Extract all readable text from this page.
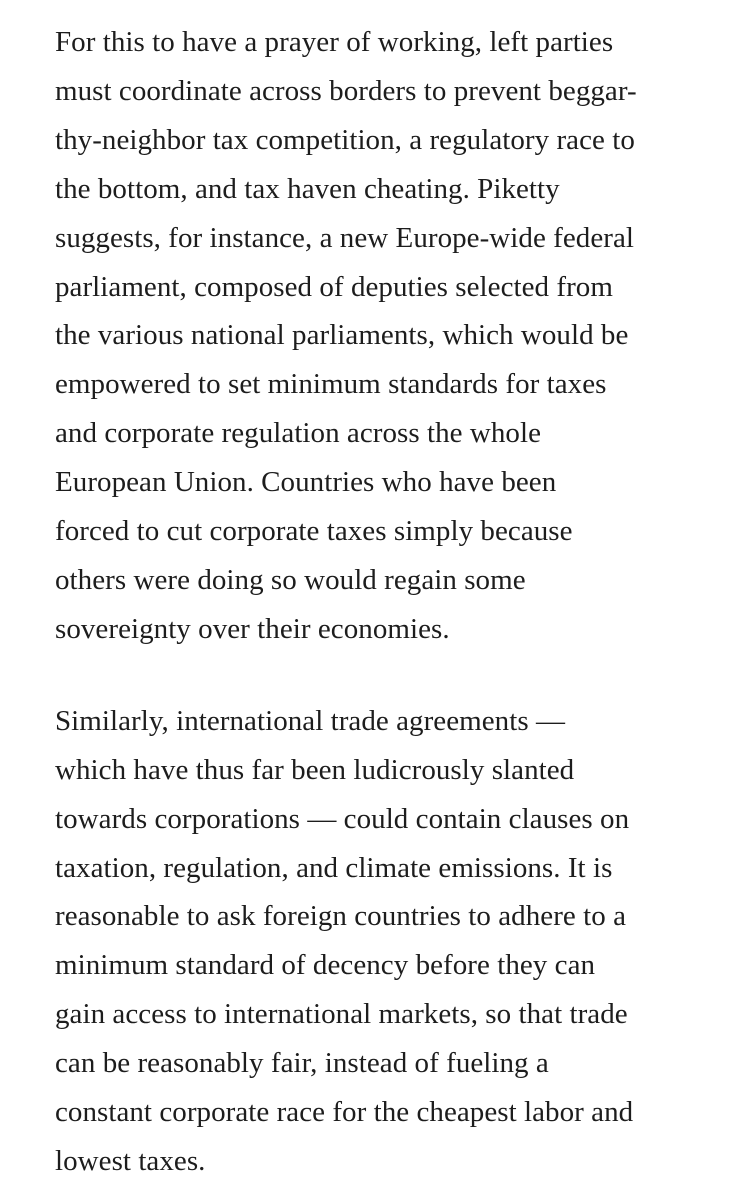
For this to have a prayer of working, left parties
must coordinate across borders to prevent beggar-
thy-neighbor tax competition, a regulatory race to
the bottom, and tax haven cheating. Piketty
suggests, for instance, a new Europe-wide federal
parliament, composed of deputies selected from
the various national parliaments, which would be
empowered to set minimum standards for taxes
and corporate regulation across the whole
European Union. Countries who have been
forced to cut corporate taxes simply because
others were doing so would regain some
sovereignty over their economies.

Similarly, international trade agreements —
which have thus far been ludicrously slanted
towards corporations — could contain clauses on
taxation, regulation, and climate emissions. It is
reasonable to ask foreign countries to adhere to a
minimum standard of decency before they can
gain access to international markets, so that trade
can be reasonably fair, instead of fueling a
constant corporate race for the cheapest labor and
lowest taxes.
